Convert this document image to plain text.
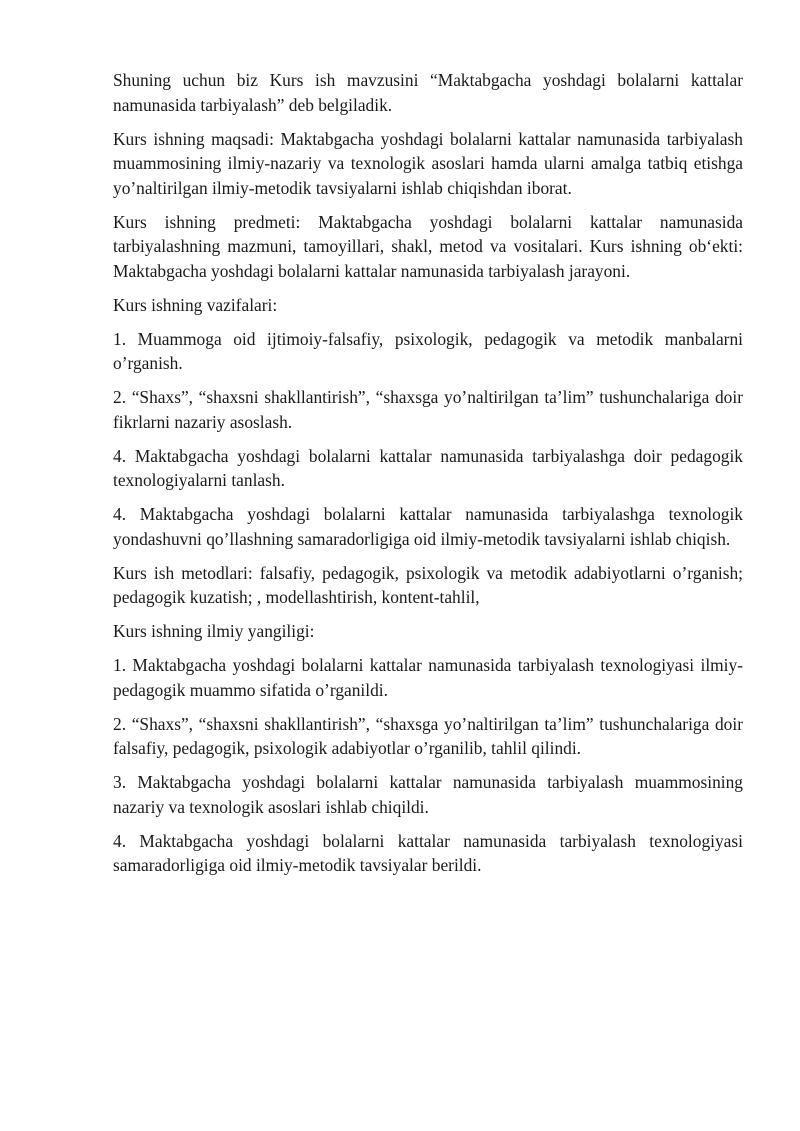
Shuning uchun biz Kurs ish mavzusini “Maktabgacha yoshdagi bolalarni kattalar namunasida tarbiyalash” deb belgiladik.

Kurs ishning maqsadi: Maktabgacha yoshdagi bolalarni kattalar namunasida tarbiyalash muammosining ilmiy-nazariy va texnologik asoslari hamda ularni amalga tatbiq etishga yo’naltirilgan ilmiy-metodik tavsiyalarni ishlab chiqishdan iborat.

Kurs ishning predmeti: Maktabgacha yoshdagi bolalarni kattalar namunasida tarbiyalashning mazmuni, tamoyillari, shakl, metod va vositalari. Kurs ishning ob‘ekti: Maktabgacha yoshdagi bolalarni kattalar namunasida tarbiyalash jarayoni.

Kurs ishning vazifalari:

1. Muammoga oid ijtimoiy-falsafiy, psixologik, pedagogik va metodik manbalarni o’rganish.

2. “Shaxs”, “shaxsni shakllantirish”, “shaxsga yo’naltirilgan ta’lim” tushunchalariga doir fikrlarni nazariy asoslash.

4. Maktabgacha yoshdagi bolalarni kattalar namunasida tarbiyalashga doir pedagogik texnologiyalarni tanlash.

4. Maktabgacha yoshdagi bolalarni kattalar namunasida tarbiyalashga texnologik yondashuvni qo’llashning samaradorligiga oid ilmiy-metodik tavsiyalarni ishlab chiqish.

Kurs ish metodlari: falsafiy, pedagogik, psixologik va metodik adabiyotlarni o’rganish; pedagogik kuzatish; , modellashtirish, kontent-tahlil,

Kurs ishning ilmiy yangiligi:

1. Maktabgacha yoshdagi bolalarni kattalar namunasida tarbiyalash texnologiyasi ilmiy-pedagogik muammo sifatida o’rganildi.

2. “Shaxs”, “shaxsni shakllantirish”, “shaxsga yo’naltirilgan ta’lim” tushunchalariga doir falsafiy, pedagogik, psixologik adabiyotlar o’rganilib, tahlil qilindi.

3. Maktabgacha yoshdagi bolalarni kattalar namunasida tarbiyalash muammosining nazariy va texnologik asoslari ishlab chiqildi.

4. Maktabgacha yoshdagi bolalarni kattalar namunasida tarbiyalash texnologiyasi samaradorligiga oid ilmiy-metodik tavsiyalar berildi.
